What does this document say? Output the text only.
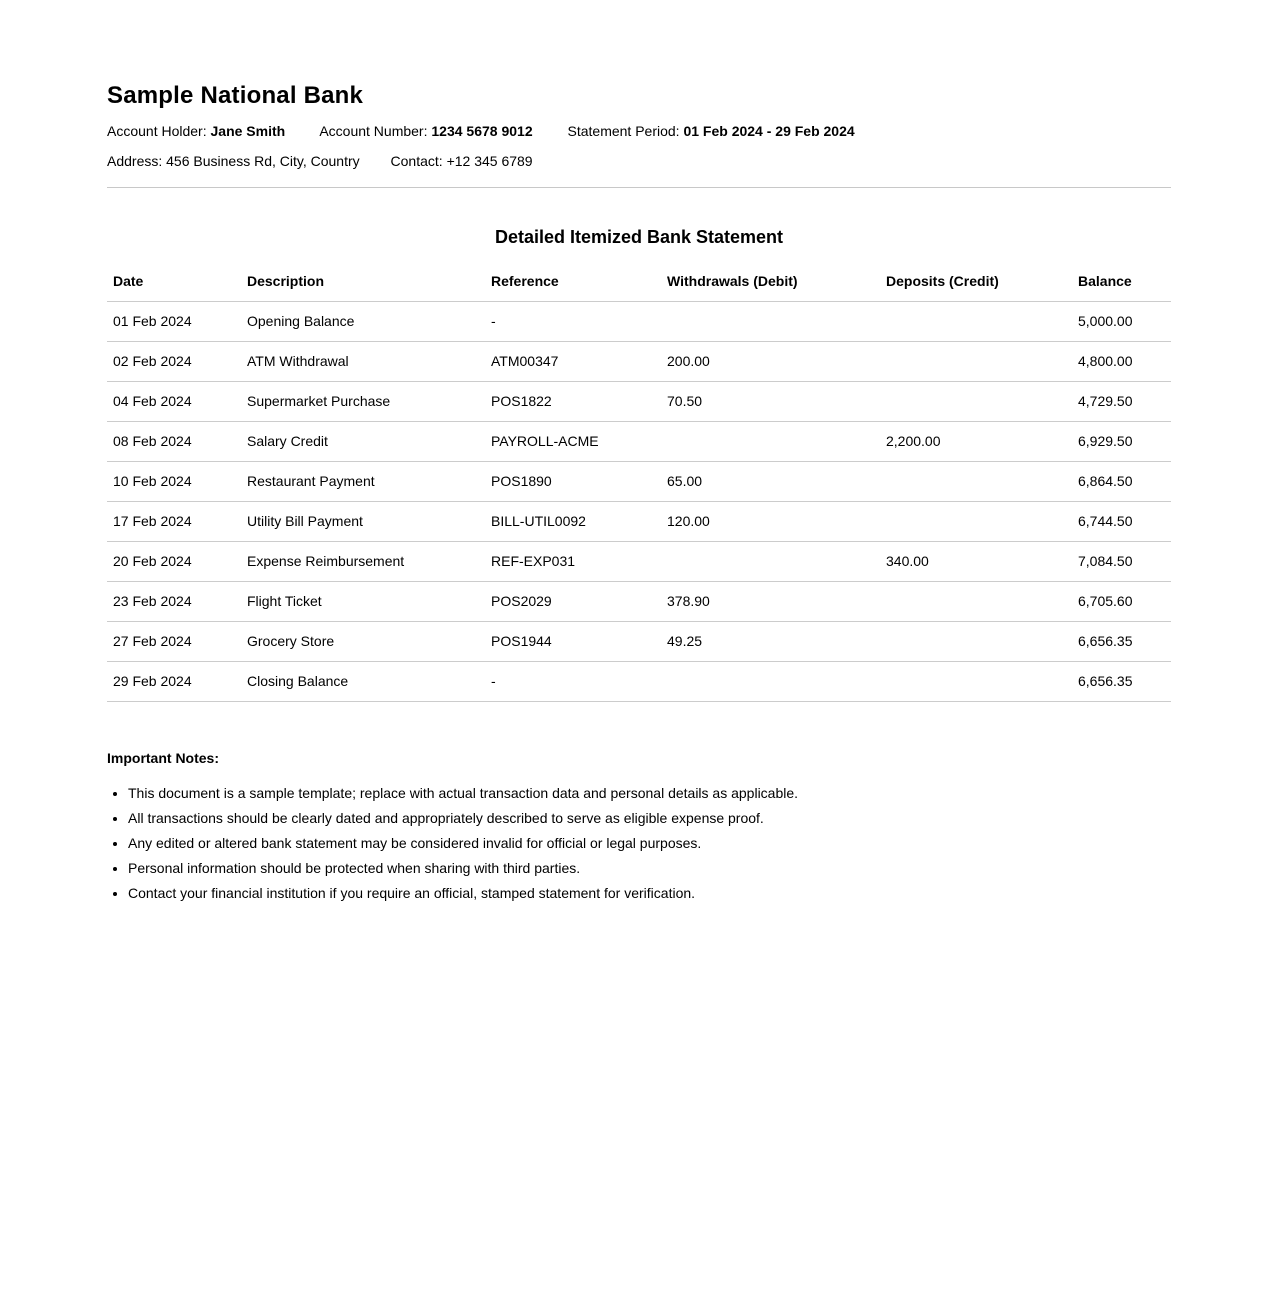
Sample National Bank
Account Holder: Jane Smith Account Number: 1234 5678 9012 Statement Period: 01 Feb 2024 - 29 Feb 2024
Address: 456 Business Rd, City, Country Contact: +12 345 6789
Detailed Itemized Bank Statement
Date	Description	Reference	Withdrawals (Debit)	Deposits (Credit)	Balance
01 Feb 2024	Opening Balance	-			5,000.00
02 Feb 2024	ATM Withdrawal	ATM00347	200.00		4,800.00
04 Feb 2024	Supermarket Purchase	POS1822	70.50		4,729.50
08 Feb 2024	Salary Credit	PAYROLL-ACME		2,200.00	6,929.50
10 Feb 2024	Restaurant Payment	POS1890	65.00		6,864.50
17 Feb 2024	Utility Bill Payment	BILL-UTIL0092	120.00		6,744.50
20 Feb 2024	Expense Reimbursement	REF-EXP031		340.00	7,084.50
23 Feb 2024	Flight Ticket	POS2029	378.90		6,705.60
27 Feb 2024	Grocery Store	POS1944	49.25		6,656.35
29 Feb 2024	Closing Balance	-			6,656.35
Important Notes:
• This document is a sample template; replace with actual transaction data and personal details as applicable.
• All transactions should be clearly dated and appropriately described to serve as eligible expense proof.
• Any edited or altered bank statement may be considered invalid for official or legal purposes.
• Personal information should be protected when sharing with third parties.
• Contact your financial institution if you require an official, stamped statement for verification.
